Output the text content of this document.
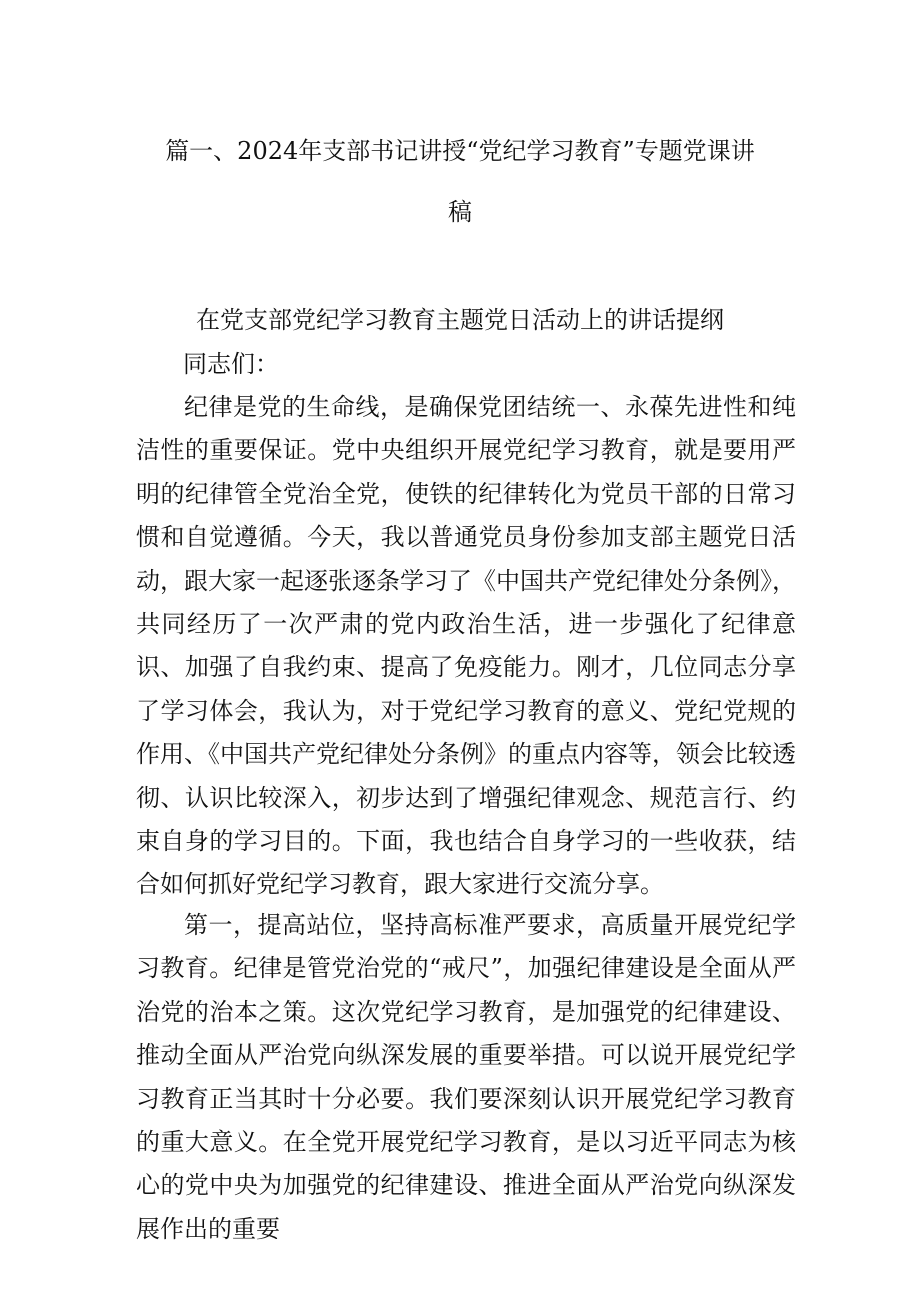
篇一、2024年支部书记讲授“党纪学习教育”专题党课讲
稿
在党支部党纪学习教育主题党日活动上的讲话提纲
同志们：

纪律是党的生命线，是确保党团结统一、永葆先进性和纯洁性的重要保证。党中央组织开展党纪学习教育，就是要用严明的纪律管全党治全党，使铁的纪律转化为党员干部的日常习惯和自觉遵循。今天，我以普通党员身份参加支部主题党日活动，跟大家一起逐张逐条学习了《中国共产党纪律处分条例》，共同经历了一次严肃的党内政治生活，进一步强化了纪律意识、加强了自我约束、提高了免疫能力。刚才，几位同志分享了学习体会，我认为，对于党纪学习教育的意义、党纪党规的作用、《中国共产党纪律处分条例》的重点内容等，领会比较透彻、认识比较深入，初步达到了增强纪律观念、规范言行、约束自身的学习目的。下面，我也结合自身学习的一些收获，结合如何抓好党纪学习教育，跟大家进行交流分享。

第一，提高站位，坚持高标准严要求，高质量开展党纪学习教育。纪律是管党治党的“戒尺”，加强纪律建设是全面从严治党的治本之策。这次党纪学习教育，是加强党的纪律建设、推动全面从严治党向纵深发展的重要举措。可以说开展党纪学习教育正当其时十分必要。我们要深刻认识开展党纪学习教育的重大意义。在全党开展党纪学习教育，是以习近平同志为核心的党中央为加强党的纪律建设、推进全面从严治党向纵深发展作出的重要
